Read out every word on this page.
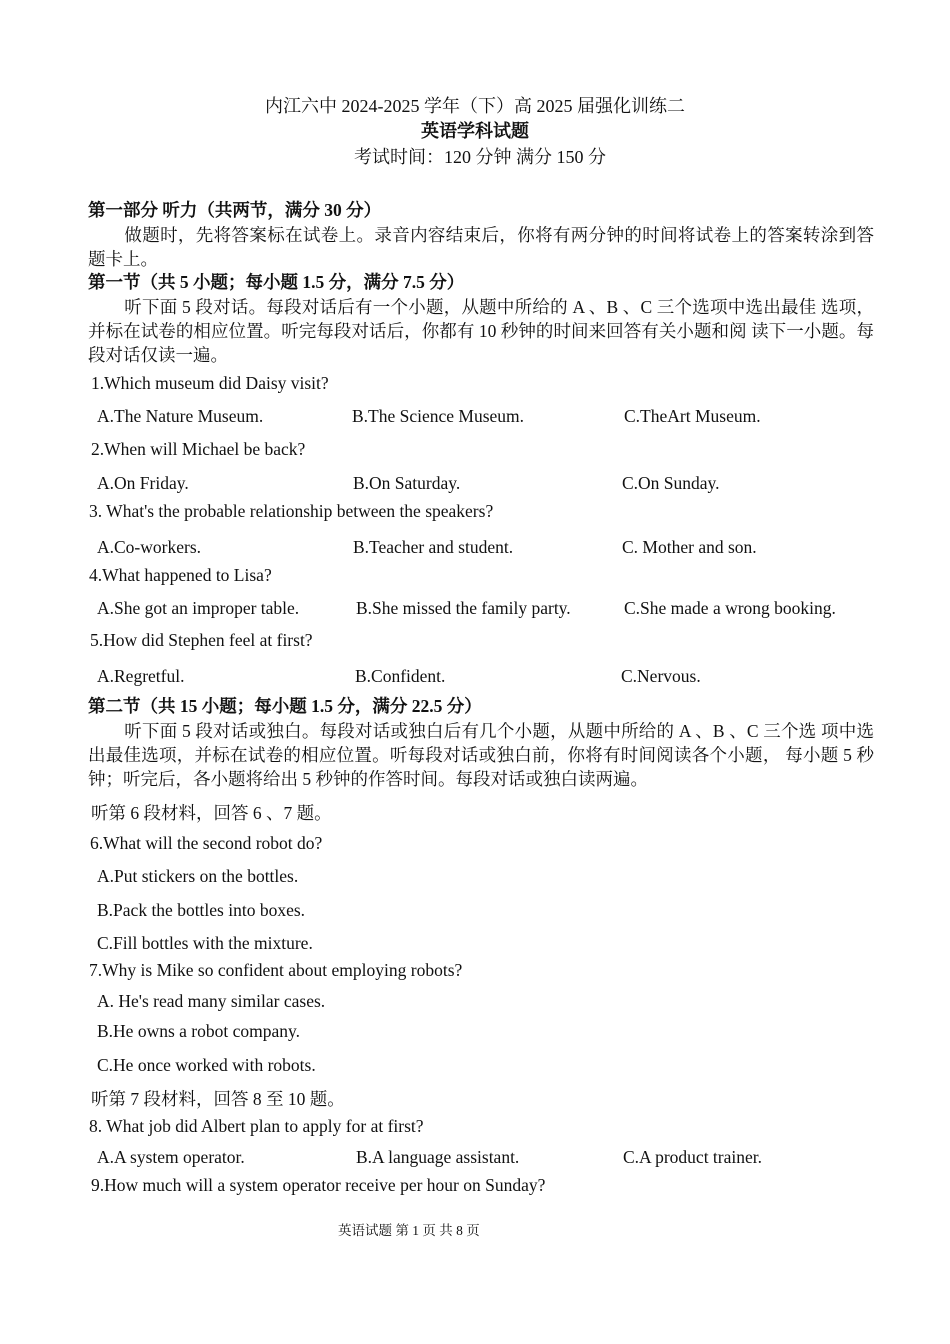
内江六中 2024-2025 学年（下）高 2025 届强化训练二
英语学科试题
考试时间：120 分钟 满分 150 分
第一部分 听力（共两节，满分 30 分）
做题时，先将答案标在试卷上。录音内容结束后，你将有两分钟的时间将试卷上的答案转涂到答题卡上。
第一节（共 5 小题；每小题 1.5 分，满分 7.5 分）
听下面 5 段对话。每段对话后有一个小题，从题中所给的 A 、B 、C 三个选项中选出最佳 选项，并标在试卷的相应位置。听完每段对话后，你都有 10 秒钟的时间来回答有关小题和阅 读下一小题。每段对话仅读一遍。
1.Which museum did Daisy visit?
A.The Nature Museum.	B.The Science Museum.	C.TheArt Museum.
2.When will Michael be back?
A.On Friday.	B.On Saturday.	C.On Sunday.
3. What's the probable relationship between the speakers?
A.Co-workers.	B.Teacher and student.	C. Mother and son.
4.What happened to Lisa?
A.She got an improper table.	B.She missed the family party.	C.She made a wrong booking.
5.How did Stephen feel at first?
A.Regretful.	B.Confident.	C.Nervous.
第二节（共 15 小题；每小题 1.5 分，满分 22.5 分）
听下面 5 段对话或独白。每段对话或独白后有几个小题，从题中所给的 A 、B 、C 三个选 项中选出最佳选项，并标在试卷的相应位置。听每段对话或独白前，你将有时间阅读各个小题， 每小题 5 秒钟；听完后，各小题将给出 5 秒钟的作答时间。每段对话或独白读两遍。
听第 6 段材料，回答 6 、7 题。
6.What will the second robot do?
A.Put stickers on the bottles.
B.Pack the bottles into boxes.
C.Fill bottles with the mixture.
7.Why is Mike so confident about employing robots?
A. He's read many similar cases.
B.He owns a robot company.
C.He once worked with robots.
听第 7 段材料，回答 8 至 10 题。
8. What job did Albert plan to apply for at first?
A.A system operator.	B.A language assistant.	C.A product trainer.
9.How much will a system operator receive per hour on Sunday?
英语试题 第 1 页 共 8 页
